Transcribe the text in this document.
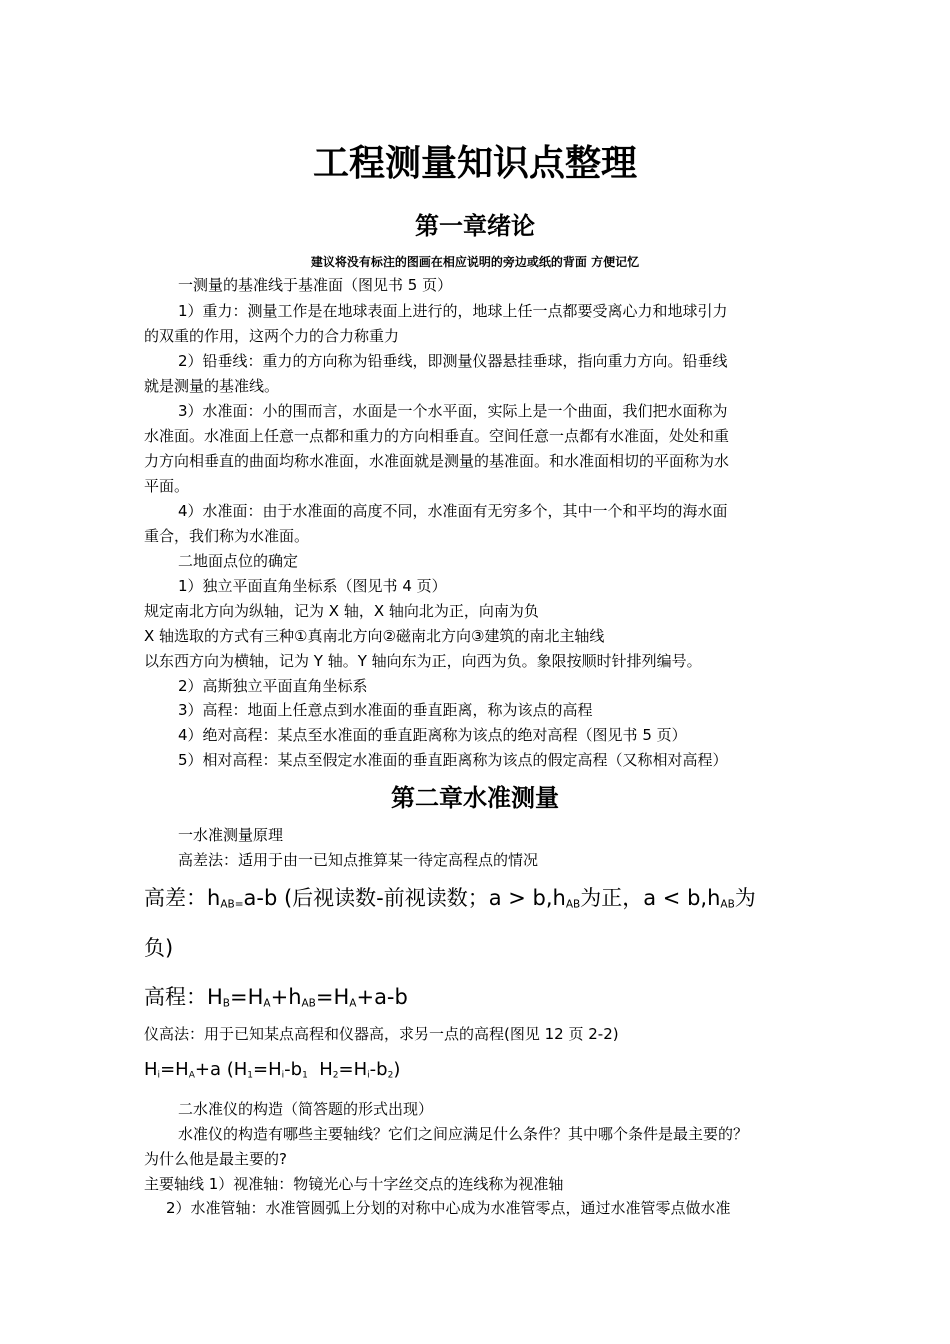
工程测量知识点整理
第一章绪论
建议将没有标注的图画在相应说明的旁边或纸的背面 方便记忆
一测量的基准线于基准面（图见书 5 页）
1）重力：测量工作是在地球表面上进行的，地球上任一点都要受离心力和地球引力
的双重的作用，这两个力的合力称重力
2）铅垂线：重力的方向称为铅垂线，即测量仪器悬挂垂球，指向重力方向。铅垂线
就是测量的基准线。
3）水准面：小的围而言，水面是一个水平面，实际上是一个曲面，我们把水面称为
水准面。水准面上任意一点都和重力的方向相垂直。空间任意一点都有水准面，处处和重
力方向相垂直的曲面均称水准面，水准面就是测量的基准面。和水准面相切的平面称为水
平面。
4）水准面：由于水准面的高度不同，水准面有无穷多个，其中一个和平均的海水面
重合，我们称为水准面。
二地面点位的确定
1）独立平面直角坐标系（图见书 4 页）
规定南北方向为纵轴，记为 X 轴，X 轴向北为正，向南为负
X 轴选取的方式有三种①真南北方向②磁南北方向③建筑的南北主轴线
以东西方向为横轴，记为 Y 轴。Y 轴向东为正，向西为负。象限按顺时针排列编号。
2）高斯独立平面直角坐标系
3）高程：地面上任意点到水准面的垂直距离，称为该点的高程
4）绝对高程：某点至水准面的垂直距离称为该点的绝对高程（图见书 5 页）
5）相对高程：某点至假定水准面的垂直距离称为该点的假定高程（又称相对高程）
第二章水准测量
一水准测量原理
高差法：适用于由一已知点推算某一待定高程点的情况
高差：$h_{AB=}a-b$ (后视读数-前视读数；$a > b,h_{AB}$为正，$a < b,h_{AB}$为
负)
高程：$H_B=H_A+h_{AB}=H_A+a-b$
仪高法：用于已知某点高程和仪器高，求另一点的高程(图见 12 页 2-2)
$H_i=H_A+a$ ($H_1=H_i-b_1$  $H_2=H_i-b_2$)
二水准仪的构造（简答题的形式出现）
水准仪的构造有哪些主要轴线？它们之间应满足什么条件？其中哪个条件是最主要的？
为什么他是最主要的?
主要轴线 1）视准轴：物镜光心与十字丝交点的连线称为视准轴
2）水准管轴：水准管圆弧上分划的对称中心成为水准管零点，通过水准管零点做水准
